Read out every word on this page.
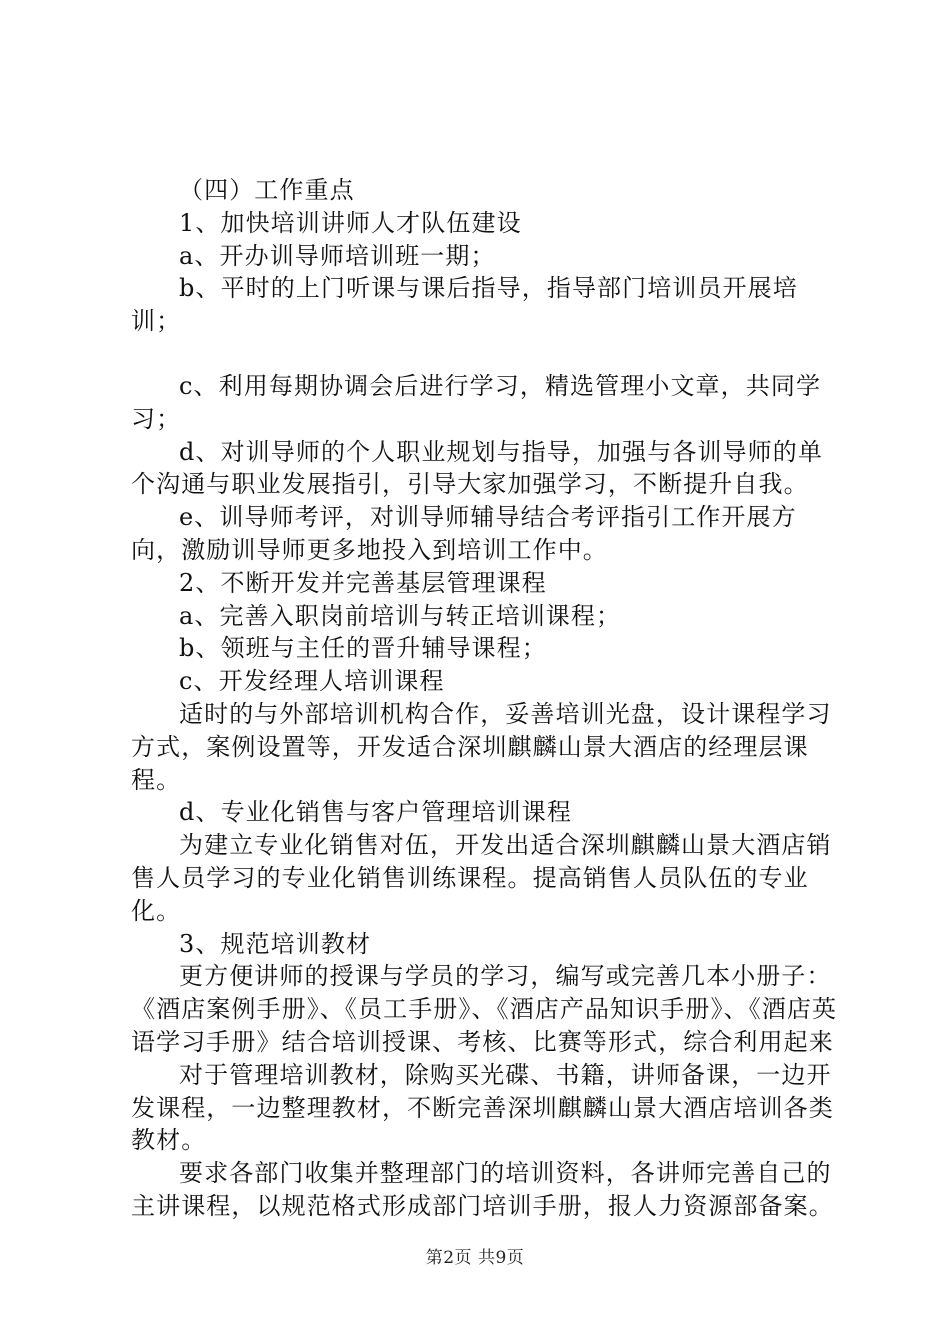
（四）工作重点

1、加快培训讲师人才队伍建设

a、开办训导师培训班一期；

b、平时的上门听课与课后指导，指导部门培训员开展培训；

c、利用每期协调会后进行学习，精选管理小文章，共同学习；

d、对训导师的个人职业规划与指导，加强与各训导师的单个沟通与职业发展指引，引导大家加强学习，不断提升自我。

e、训导师考评，对训导师辅导结合考评指引工作开展方向，激励训导师更多地投入到培训工作中。

2、不断开发并完善基层管理课程

a、完善入职岗前培训与转正培训课程；

b、领班与主任的晋升辅导课程；

c、开发经理人培训课程

适时的与外部培训机构合作，妥善培训光盘，设计课程学习方式，案例设置等，开发适合深圳麒麟山景大酒店的经理层课程。

d、专业化销售与客户管理培训课程

为建立专业化销售对伍，开发出适合深圳麒麟山景大酒店销售人员学习的专业化销售训练课程。提高销售人员队伍的专业化。

3、规范培训教材

更方便讲师的授课与学员的学习，编写或完善几本小册子：《酒店案例手册》、《员工手册》、《酒店产品知识手册》、《酒店英语学习手册》结合培训授课、考核、比赛等形式，综合利用起来

对于管理培训教材，除购买光碟、书籍，讲师备课，一边开发课程，一边整理教材，不断完善深圳麒麟山景大酒店培训各类教材。

要求各部门收集并整理部门的培训资料，各讲师完善自己的主讲课程，以规范格式形成部门培训手册，报人力资源部备案。

第2页 共9页
